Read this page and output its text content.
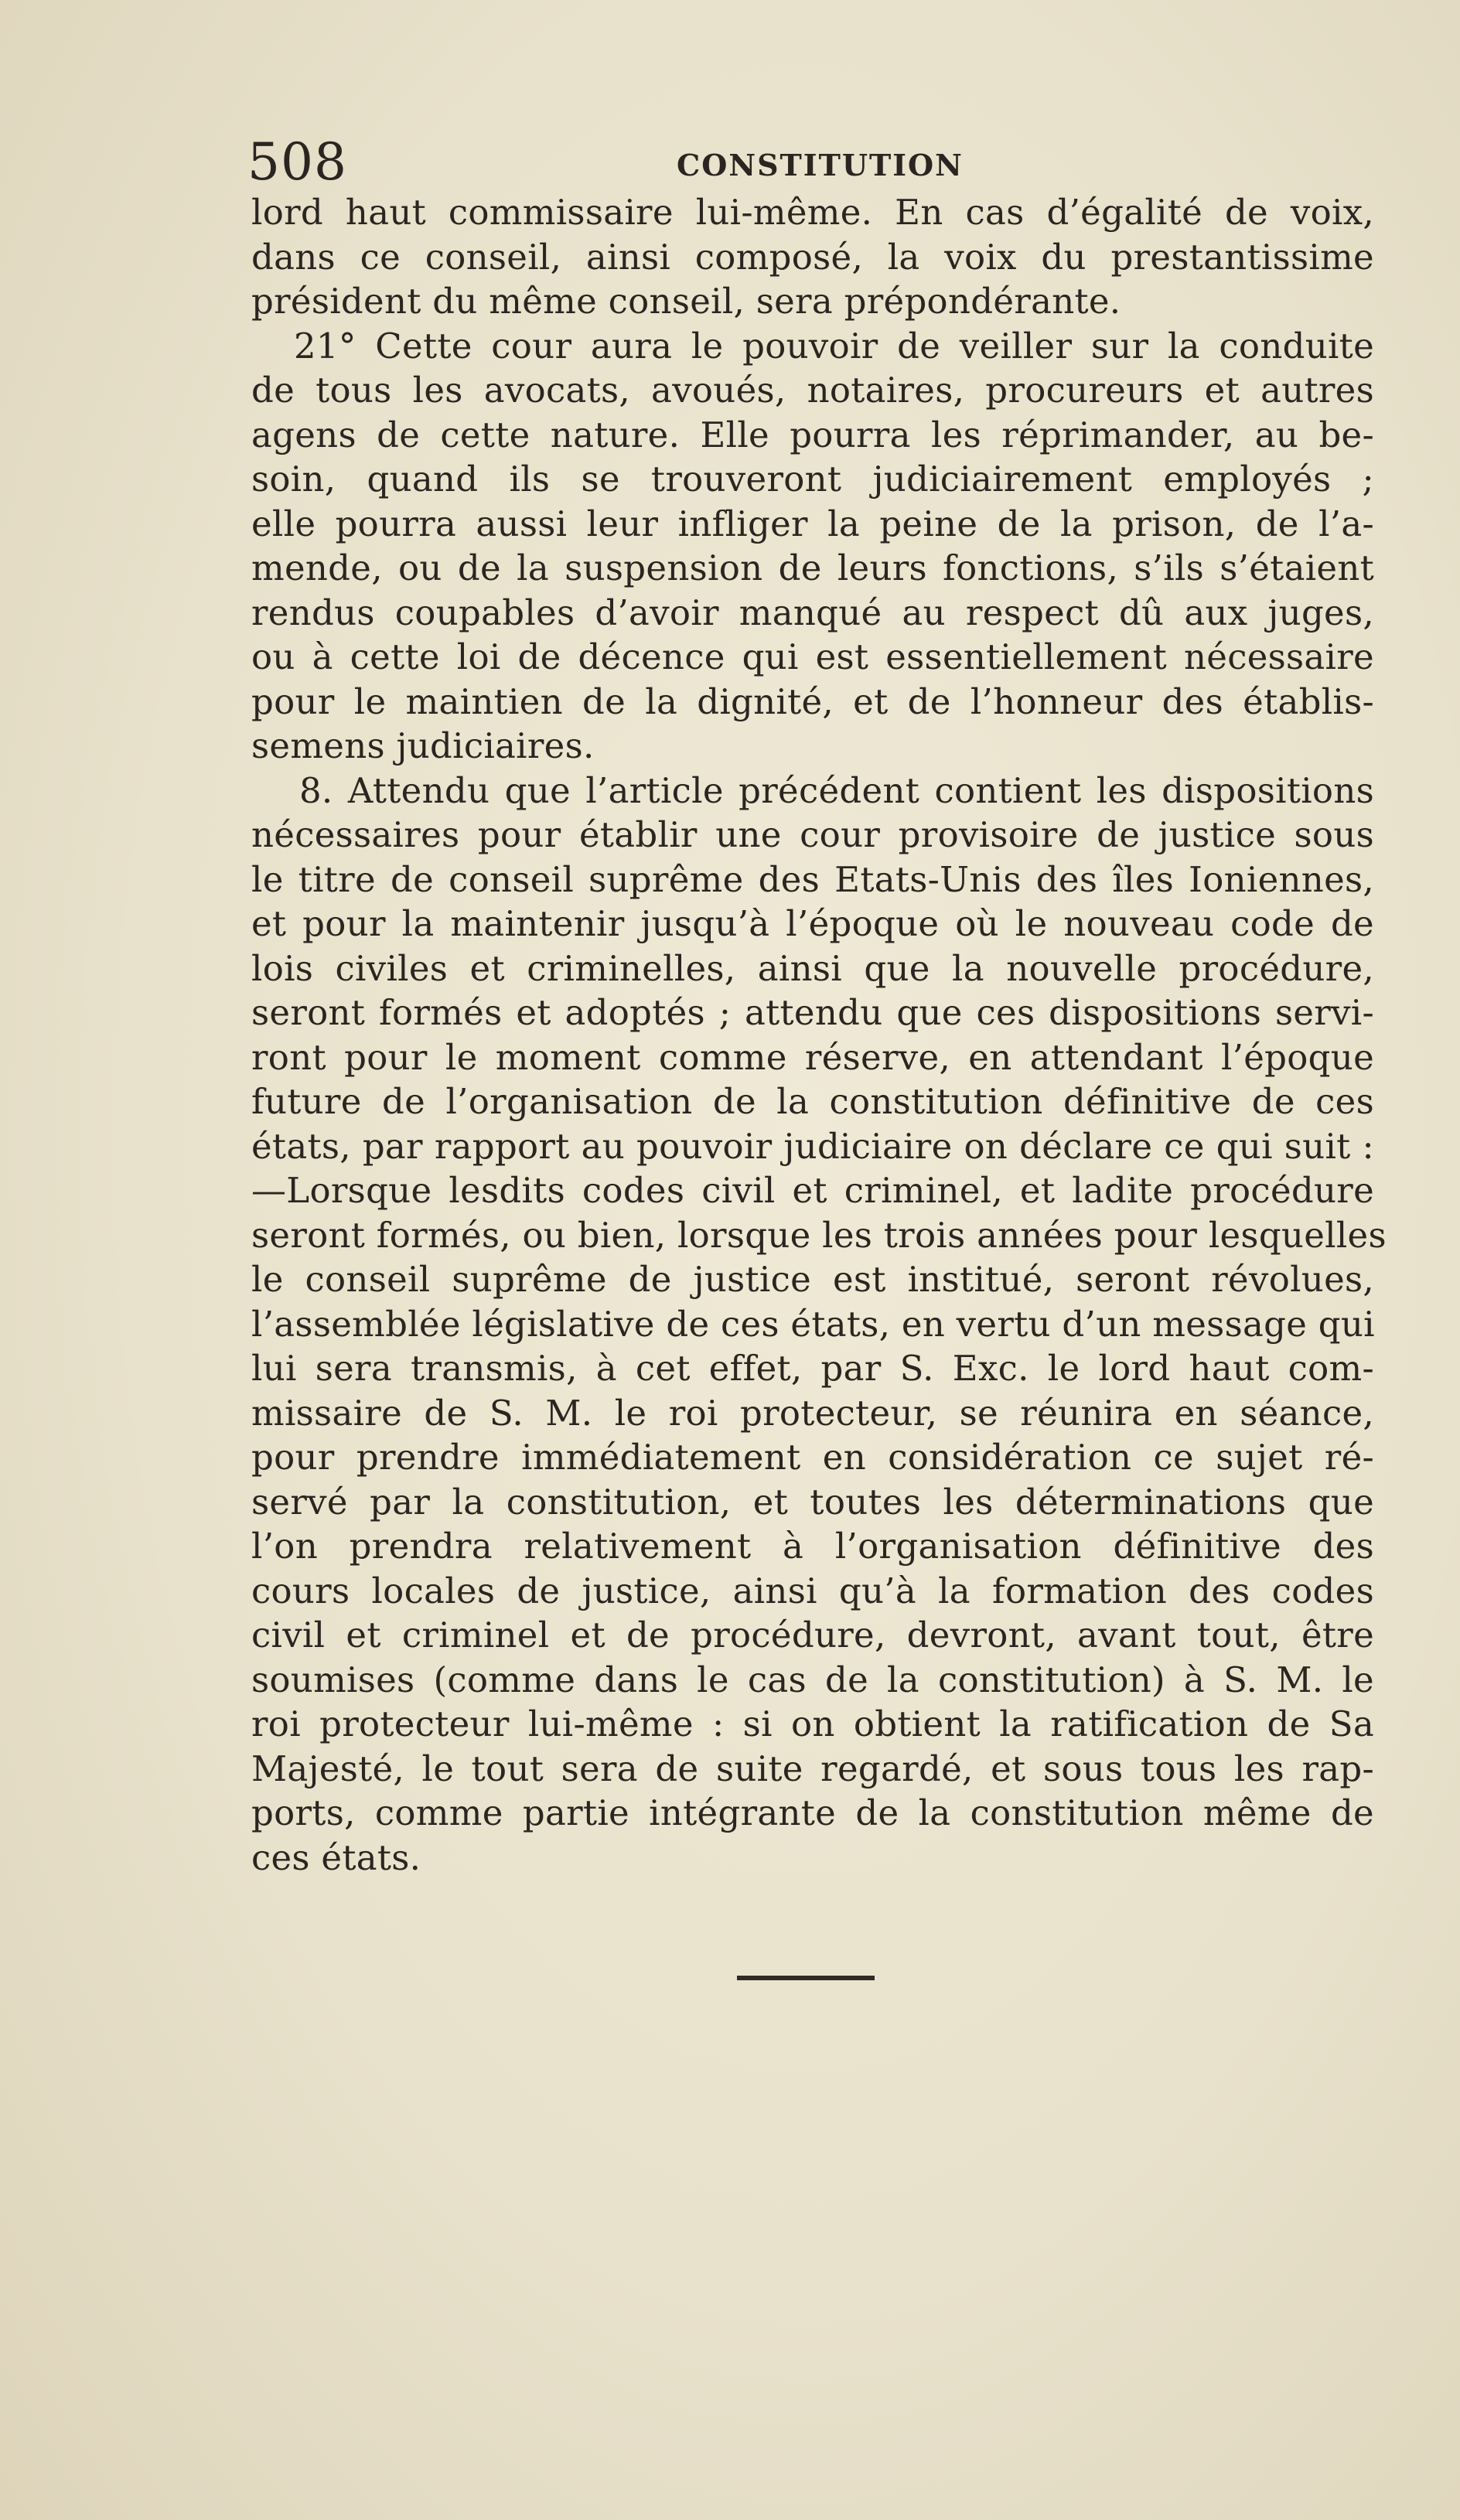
508	CONSTITUTION
lord haut commissaire lui-même. En cas d’égalité de voix,
dans ce conseil, ainsi composé, la voix du prestantissime
président du même conseil, sera prépondérante.
21° Cette cour aura le pouvoir de veiller sur la conduite
de tous les avocats, avoués, notaires, procureurs et autres
agens de cette nature. Elle pourra les réprimander, au be-
soin, quand ils se trouveront judiciairement employés ;
elle pourra aussi leur infliger la peine de la prison, de l’a-
mende, ou de la suspension de leurs fonctions, s’ils s’étaient
rendus coupables d’avoir manqué au respect dû aux juges,
ou à cette loi de décence qui est essentiellement nécessaire
pour le maintien de la dignité, et de l’honneur des établis-
semens judiciaires.
8. Attendu que l’article précédent contient les dispositions
nécessaires pour établir une cour provisoire de justice sous
le titre de conseil suprême des Etats-Unis des îles Ioniennes,
et pour la maintenir jusqu’à l’époque où le nouveau code de
lois civiles et criminelles, ainsi que la nouvelle procédure,
seront formés et adoptés ; attendu que ces dispositions servi-
ront pour le moment comme réserve, en attendant l’époque
future de l’organisation de la constitution définitive de ces
états, par rapport au pouvoir judiciaire on déclare ce qui suit :
—Lorsque lesdits codes civil et criminel, et ladite procédure
seront formés, ou bien, lorsque les trois années pour lesquelles
le conseil suprême de justice est institué, seront révolues,
l’assemblée législative de ces états, en vertu d’un message qui
lui sera transmis, à cet effet, par S. Exc. le lord haut com-
missaire de S. M. le roi protecteur, se réunira en séance,
pour prendre immédiatement en considération ce sujet ré-
servé par la constitution, et toutes les déterminations que
l’on prendra relativement à l’organisation définitive des
cours locales de justice, ainsi qu’à la formation des codes
civil et criminel et de procédure, devront, avant tout, être
soumises (comme dans le cas de la constitution) à S. M. le
roi protecteur lui-même : si on obtient la ratification de Sa
Majesté, le tout sera de suite regardé, et sous tous les rap-
ports, comme partie intégrante de la constitution même de
ces états.
